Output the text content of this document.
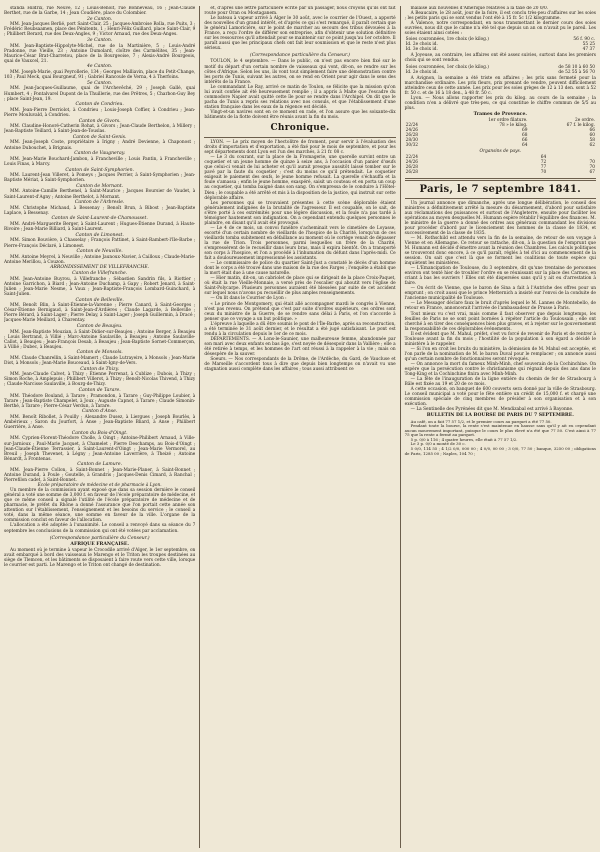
standa Hildrix, rue Neuve, 12 ; Louis-Benoit, rue Bonneveau, 16 ; Jean-Claude Berthet, rue de la Garbe, 14 ; Jean Coudière, place du Colombier.

2e Canton.

MM. Jean-Jacques Berlié, port Saint-Clair, 25 ; Jacques-Ambroise Rolla, rue Puits, 3 ; Frédéric Reubsaamen, place des Pénitents, 1 ; Henri-Félix Guillard, place Saint-Clair, 9 ; Philibert Berard, rue des Deux-Angles, 9 ; Victor Arnaud, rue des Deux-Anges.

3e Canton.

MM. Jean-Baptiste-Hippolyte-Michel, rue de la Martinière, 5 ; Louis-André Pradonne, rue Vieille, 23 ; Antoine Dumolard, cloître des Carmélites, 35 ; Jean-Maurice-César Brat-Charretou, place de la Bourgeoise, 7 ; Alexis-André Bourgeois, quai de Vauxcel, 21.

4e Canton.

MM. Joseph-Marie, quai Peyrollerie, 134 ; Georges Malliavin, place du Petit-Change, 103 ; Paul Meck, quai Bourgneuf, 91 ; Gabriel Rancoule de Verna, 4 à Therfoins.

5e Canton.

MM. Jean-Jacques-Guillaume, quai de l'Archevêché, 29 ; Joseph Gallé, quai Humbert, 4 ; Pontalvarel Dupont de la Thuillerie, rue des Prêtres, 5 ; Charbon-Guy Bey ; place Saint-Jean, 19.

Canton de Condrieu.

MM. Jean-Pierre Derriolot, à Condrieu ; Louis-Joseph Coffier, à Condrieu ; Jean-Pierre Mouluvald, à Condrieu.

Canton de Givors.

MM. Claudine-Honoré-Catherin Rohat, à Givors ; Jean-Claude Berthelon, à Millery ; Jean-Baptiste Teillard, à Saint-Jean-de-Touslas.

Canton de Saint-Genis.

MM. Jean-Joseph Coste, propriétaire à Irigny ; André Devienne, à Chaponost ; Antoine Dubouchet, à Brignais.

Canton de Vaugneray.

MM. Jean-Marie Bouchard-Jambon, à Francheville ; Louis Pantin, à Francheville ; Louis Finas, à Marcy.

Canton de Saint-Symphorien.

MM. Laurent-Jean Villeret, à Pomeys ; Jacques Perrier, à Saint-Symphorien ; Jean-Baptiste Mériat, à Saint-Symphorien.

Canton de Mornant.

MM. Antoine-Camille Berthenel, à Saint-Maurice ; Jacques Boursier de Vaudet, à Saint-Laurent-d'Agny ; Antoine Berthelot, à Mornant.

Canton de l'Arbresle.

MM. Christophe Michaud, à Bessenay ; Benoît Brun, à Bibost ; Jean-Baptiste Laplace, à Bessenay.

Canton de Saint-Laurent-de-Chamousset.

MM. André-Marguerite Berger, à Saint-Laurent ; Hugues-Étienne Durand, à Haute-Rivoire ; Jean-Marie Billiard, à Saint-Laurent.

Canton de Limonest.

MM. Simon Bouvière, à Chasselay ; François Pattinet, à Saint-Rambert-l'Ile-Barbe ; Pierre-François Déclaré, à Limonest.

Canton de Neuville.

MM. Antoine Meyrel, à Neuville ; Antoine Jaunoux-Navier, à Cailloux ; Claude-Marie-Antoine Merillou, à Couzon.

ARRONDISSEMENT DE VILLEFRANCHE.
Canton de Villefranche.

MM. Jean-Antoine Buyrou, à Villefranche ; Sébastien Sandrin fils, à Riottier ; Antoine Garrichon, à Biard ; Jean-Antoine Duchamp, à Gapy ; Robert Jenard, à Saint-Julien ; Jean-Marie Nesme, à Vaux ; Jean-Baptiste-François Lombard-Guinchard, à Saint-Julien.

Canton de Belleville.

MM. Benoît Blin, à Saint-Étienne-la-Varenne ; Pierre Canard, à Saint-Georges ; César-Étienne Bernigaud, à Saint-Jean-d'Ardières ; Claude Lagarde, à Belleville ; Pierre Bérard, à Saint-Lager ; Pierre Delay, à Saint-Lager ; Joseph Guillermin, à Dracé ; Jacques-Marie Meillard, à Charentay.

Canton de Beaujeu.

MM. Jean-Baptiste Mouzian, à Saint-Didier-sur-Beaujeu ; Antoine Berger, à Beaujeu ; Louis Bertrand, à Villié ; Marc-Antoine Saulaville, à Beaujeu ; Antoine Saulaville-Callot, à Beaujeu ; Jean-François Desab, à Beaujeu ; Jean-Baptiste Sornet-Commerçon, à Villié ; Dubec, à Beaujeu.

Canton de Monsols.

MM. Claude Chanrellin, à Saint-Mamert ; Claude Lutrayeire, à Monsols ; Jean-Marie Diot, à Monsols ; Jean-Marie Bouceaud, à Saint-Igny-de-Vers.

Canton de Thizy.

MM. Jean-Claude Calvet, à Thizy ; Étienne Perrenat, à Cublize ; Dubois, à Thizy ; Simon Roche, à Amplepuis ; Philibert Villerot, à Thizy ; Benoît-Nicolas Thivend, à Thizy ; Claude-Narcisse Saulaville, à Bourg-de-Thizy.

Canton de Tarare.

MM. Théodore Bouland, à Tarare ; Pramondon, à Tarare ; Guy-Philippe Loubier, à Tarare ; Jean-Baptiste Champelet, à Joux ; Auguste Capnot, à Tarare ; Claude Simonin-Berthé, à Tarare ; Pierre-César Verdun, à Tarare.

Canton d'Anse.

MM. Benoît Ribollet, à Pouilly ; Alexandre Dusez, à Liergues ; Joseph Bourlès, à Ambérieux ; Saron du Jourfort, à Anse ; Jean-Baptiste Bliard, à Anse ; Philibert Guerrière, à Anse.

Canton du Bois-d'Oingt.

MM. Cyprien-Florent-Théodore Cholle, à Oingt ; Antoine-Philibert Arnaud, à Ville-sur-Jarnioux ; Paul-Marie Jacquet, à Chamelet ; Pierre Deschamps, au Bois-d'Oingt ; Jean-Claude-Étienne Terrassier, à Saint-Laurent-d'Oingt ; Jean-Marie Vermorel, au Breuil ; Joseph Thevenet, à Légny ; Jean-Antoine Laverrière, à Theizé ; Antoine Bénardt, à Frontenas.

Canton de Lamure.

MM. Jean-Pierre Collon, à Saint-Bonnet ; Jean-Marie-Planer, à Saint-Bonnet ; Antoine Durand, à Poule ; Goutelle, à Grandris ; Jacques-Denis Cimard, à Ranchal ; Pierrefilon cadet, à Saint-Bonnet.

Ecole préparatoire de médecine et de pharmacie à Lyon.

Un membre de la commission ayant exposé que dans sa session dernière le conseil général a voté une somme de 3,000 f. en faveur de l'école préparatoire de médecine, et que ce même conseil a signalé l'utilité de l'école préparatoire de médecine et de pharmacie, le préfet du Rhône a donné l'assurance que l'on portait cette année son attention sur l'établissement, l'enseignement et les besoins du service ; le conseil a voté, dans la même séance, une somme en faveur de la ville. L'organe de la commission conclut en faveur de l'allocation.

L'allocation a été adoptée à l'unanimité. Le conseil a renvoyé dans sa séance du 7 septembre les conclusions de la commission qui ont été votées par acclamation.

(Correspondance particulière du Censeur.)
AFRIQUE FRANÇAISE.

Au moment où je termine à vapeur le Crocodile arrivé d'Alger, le 1er septembre, on avait embarqué à bord des vaisseaux le Marengo et le Triton les troupes destinées au siège de Tlemcen, et les bâtiments se disposaient à faire route vers cette ville, lorsque le courrier est parti. Le Marengo et le Triton ont changé de destination.

et, d'après une lettre particulière écrite par un passager, nous croyons qu'ils ont fait route pour Oran ou Mostaganem.

Le bateau à vapeur arrivé à Alger le 30 août, avec le courrier de l'Ouest, a apporté des nouvelles d'un grand intérêt, et d'après ce qui s'est remarqué, il paraît certain que le général Lamoricière, sur le point de marcher au secours des tribus dévouées à la France, a reçu l'ordre de différer son entreprise, afin d'obtenir une solution définitive sur les ressources qu'il attendait pour se maintenir sur ce point jusqu'au 1er octobre. Il paraît aussi que les principaux chefs ont fait leur soumission et que le reste n'est plus sérieux.

(Correspondance particulière du Censeur.)

TOULON, le 4 septembre. — Dans le public, on n'est pas encore bien fixé sur le motif du départ d'un certain nombre de vaisseaux qui vont, dit-on, se rendre sur les côtes d'Afrique. Selon les uns, ils vont tout simplement faire une démonstration contre les ports de Tunis, suivant les autres, on se rend en Orient pour agir dans le sens des intérêts de la France.

Le commandant Le Ray, arrivé ce matin de Toulon, se félicite que la mission qu'on lui avait confiée ait été heureusement remplie ; il a appris à Malte que l'escadre du commodore Napier avait quitté cette île pour se rendre dans l'Archipel. On dit que le pacha de Tunis a repris ses relations avec nos consuls, et que l'établissement d'une station française dans les eaux de la régence est décidé.

Vingt-et-un navires sont en ce moment en rade, et l'on assure que les soixante-dix bâtiments de la flotte doivent être réunis avant la fin du mois.

Chronique.

LYON. — Le prix moyen de l'hectolitre de froment, pour servir à l'évaluation des droits d'importation et d'exportation, a été fixé pour le mois de septembre, et pour les sept départements dont Lyon est l'un des marchés, à 21 fr. 08 c.

— Le 3 du courant, sur la place de la Fromagerie, une querelle survint entre un coquetier et un jeune homme de quinze à seize ans, à l'occasion d'un panier d'œufs que celui-ci venait de lui acheter et qu'il aurait presque aussitôt laissé tomber sur le pavé par la faute du coquetier ; c'est du moins ce qu'il prétendait. Le coquetier exigeait le paiement des œufs, le jeune homme refusait. La querelle s'échauffa et la foule s'amassa ; enfin le jeune homme, exaspéré, saisit un couteau et en porta un coup au coquetier, qui tomba baigné dans son sang. On s'empressa de le conduire à l'Hôtel-Dieu ; le coupable a été arrêté et mis à la disposition de la justice, qui instruit sur cette déplorable affaire.

Les personnes qui se trouvaient présentes à cette scène déplorable étaient généralement indignées de la brutalité de l'agresseur. Il est coupable, on le sait, de s'être porté à ces extrémités pour une légère discussion, et la foule n'a pas tardé à témoigner hautement son indignation. On a cependant entendu quelques personnes le plaindre, en disant qu'il avait été provoqué.

— Le 4 de ce mois, un convoi funèbre s'acheminait vers le cimetière de Loyasse, escorté d'un certain nombre de vieillards de l'hospice de la Charité, lorsqu'un de ces vieillards tomba subitement en défaillance au moment où le cortège venait de dépasser la rue de Trion. Trois personnes, parmi lesquelles un frère de la Charité, s'empressèrent de le recueillir dans leurs bras, mais il expira bientôt. On a transporté son corps à l'hospice, et l'on a procédé à l'inhumation du défunt dans l'après-midi. Ce fait a douloureusement impressionné les assistants.

— Le commissaire de police du quartier Saint-Just a constaté le décès d'un homme dont le corps a été trouvé dans une maison de la rue des Farges ; l'enquête a établi que la mort était due à une cause naturelle.

— Hier matin, dit-on, un cabriolet de place qui se dirigeait de la place Croix-Paquet, où était la rue Vieille-Monnaie, a versé près de l'escalier qui aboutit vers l'église de Saint-Polycarpe. Plusieurs personnes auraient été blessées par suite de cet accident sur lequel nous n'avons pu recueillir de plus amples renseignements.

— On lit dans le Courrier de Lyon :

« Le prince de Montgomery, qui était allé accompagner mardi le congrès à Vienne, n'est pas revenu. On prétend que c'est par suite d'ordres supérieurs, ces ordres sont ceux du ministre de la Guerre, de se rendre sans délai à Paris, et l'on s'accorde à penser que ce voyage a un but politique. »

L'épreuve à laquelle a dû être soumis le pont de l'Île-Barbe, après sa reconstruction, a été terminée le 31 août dernier, et le résultat a été jugé satisfaisant. Le pont est rendu à la circulation depuis le 1er de ce mois.

DÉPARTEMENTS. — A Lons-le-Saunier, une malheureuse femme, abandonnée par son mari avec deux enfants en bas âge, s'est noyée de désespoir dans la Vallière ; elle a été retirée à temps, et les hommes de l'art ont réussi à la rappeler à la vie ; mais on désespère de la sauver.

Soeurs. — Nos correspondants de la Drôme, de l'Ardèche, du Gard, de Vaucluse et de Marseille s'accordent tous à dire que depuis bien longtemps on n'avait vu une stagnation aussi complète dans les affaires ; tous aussi attribuent ce

malaise aux nouvelles d'Amérique relatives à la taxe de 20 0/0.

A Beaucaire, le 28 août, jour de la foire, il est conclu très-peu d'affaires sur les soies ; les petits paris qui se sont vendus l'ont été à 15 fr. 5c 1/2 kilogramme.

A Valence, notre correspondant, en nous transmettant le dernier cours des soies ouvrées, nous dit que le calme n'a été tel que depuis un an on n'avait pu le pareil. Les soies étaient ainsi cotées :

Soies couronnées, 1re choix (le kilog.)	56 f. 90 c.
Id. 2e choix id.	55 25
Id. 3e choix id.	47 37

A Joyeuse, au contraire, les affaires ont été assez suivies, surtout dans les premiers choix qui se sont vendus.

Soies couronnées, 1er choix (le kilog.)	de 58 10 à 60 50
Id. 2e choix id.	de 52 55 à 56 70

A Avignon, la semaine a été triste en affaires ; les prix sans fermeté pour la marchandise ordinaire. Les prix fleurs, prix prenant de vendre, peuvent difficilement atteindre ceux de cette année. Les prix pour les soies grèges de 12 à 13 den. sont à 52 fr. 50 c. et de 16 à 18 den., à 48 fr. 50 c.

Lyon. — Nous allons rapporter les prix du kilog. au cours de la semaine ; la condition n'en a délivré que très-peu, ce qui constitue le chiffre commun de 5/5 au plus.

Trames de Provence.
	1er ordre filature.	2e ordre.
22/24	78 » le kilog.	67 f. le kilog.
24/26	69	66
26/28	68	60
28/30	66	58
30/32	64	62
Organsins de pays.
22/24	64	
24/26	72	70
26/28	77	70
26/28	70	67
Paris, le 7 septembre 1841.

Un journal annonce que dimanche, après une longue délibération, le conseil des ministres a définitivement arrêté la mesure du désarmement, d'abord pour satisfaire aux réclamations des puissances et surtout de l'Angleterre, ensuite pour faciliter les opérations au moyen desquelles M. Humann espère rétablir l'équilibre des finances. M. le ministre de la guerre a donné des ordres aux généraux commandant les divisions pour procéder d'abord par le licenciement des hommes de la classe de 1834, et successivement de la classe de 1835.

— M. Rothschild est attendu vers la fin de la semaine, de retour de son voyage à Vienne et en Allemagne. Ce retour se rattache, dit-on, à la question de l'emprunt que M. Humann est décidé d'émettre avant la réunion des Chambres. Les calculs politiques se trouveront donc encore, à ce qu'il paraît, réglés à tel d'ici au commencement de la session. On sait que c'est là que se forment les coalitions de toute espèce qui inquiètent les ministères.

— L'Emancipation de Toulouse, du 3 septembre, dit qu'une trentaine de personnes environ ont tenté hier de troubler l'ordre en se réunissant sur la place des Carmes, en criant à bas les ouvriers ! Elles ont été dispersées sans qu'il y ait eu d'arrestation à faire.

— On écrit de Vienne, que le baron de Sina a fait à l'Autriche des offres pour un emprunt ; on croit aussi que le prince Metternich a insisté sur l'envoi de la conduite de l'ancienne municipalité de Toulouse.

— Le Messager déclare faux le bruit d'après lequel le M. Lannes de Montebello, de retour en France, annoncerait l'arrivée de l'ambassadeur de Prusse à Paris.

Tout mieux vu c'est vrai, mais comme il faut observer que depuis longtemps, les feuilles de Paris ne se sont point bornées à répéter l'article du Toulousain ; elle ont cherché à en tirer des conséquences bien plus graves, et à rejeter sur le gouvernement la responsabilité de ces déplorables événements.

Il est évident que M. Mahul, préfet, s'est vu forcé de revenir de Paris et de rentrer à Toulouse avant la fin du mois ; l'hostilité de la population à son égard a décidé le ministère à le rappeler.

— Si l'on en croit les bruits du ministère, la démission de M. Mahul est acceptée, et l'on parle de la nomination de M. le baron Duval pour le remplacer ; on annonce aussi qu'un certain nombre de fonctionnaires seront révoqués.

— On annonce la mort du fameux Minh-Minh, chef souverain de la Cochinchine. On espère que la persécution contre le christianisme qui régnait depuis des ans dans le Tong-King et la Cochinchine finira avec Minh-Minh.

— La fête de l'inauguration de la ligne entière du chemin de fer de Strasbourg à Bâle est fixée au 19 et 20 de ce mois.

A cette occasion, on banquet de 600 couverts sera donné par la ville de Strasbourg. Le conseil municipal a voté pour le fête entière un crédit de 15,000 f. et chargé une commission spéciale de cinq membres de présider à son organisation et à son exécution.

— La Sentinelle des Pyrénées dit que M. Mendizabal est arrivé à Bayonne.

BULLETIN DE LA BOURSE DE PARIS DU 7 SEPTEMBRE.

Au café, on a fait 77 57 1/2, et le premier cours au parquet a été 77 50.

Pendant toute la bourse, la rente s'est maintenue en hausse sans qu'il y ait eu cependant aucun mouvement important, puisque le cours le plus élevé n'a été que 77 50. C'est ainsi à 77 75 que la rente a fermé au parquet.

5 p. 0/0 à 116 ; 4 quatre heures, elle était à 77 57 1/2.

Le 3 p. 0/0 a monté de 30 c.

5 0/0, 114 55 ; 4 1/2 0/0, 000 00 ; 4 0/0, 00 00 ; 3 0/0, 77 50 ; banque, 3250 00 ; obligations de Paris, 1285 00 ; Naples, 104 70 ;
